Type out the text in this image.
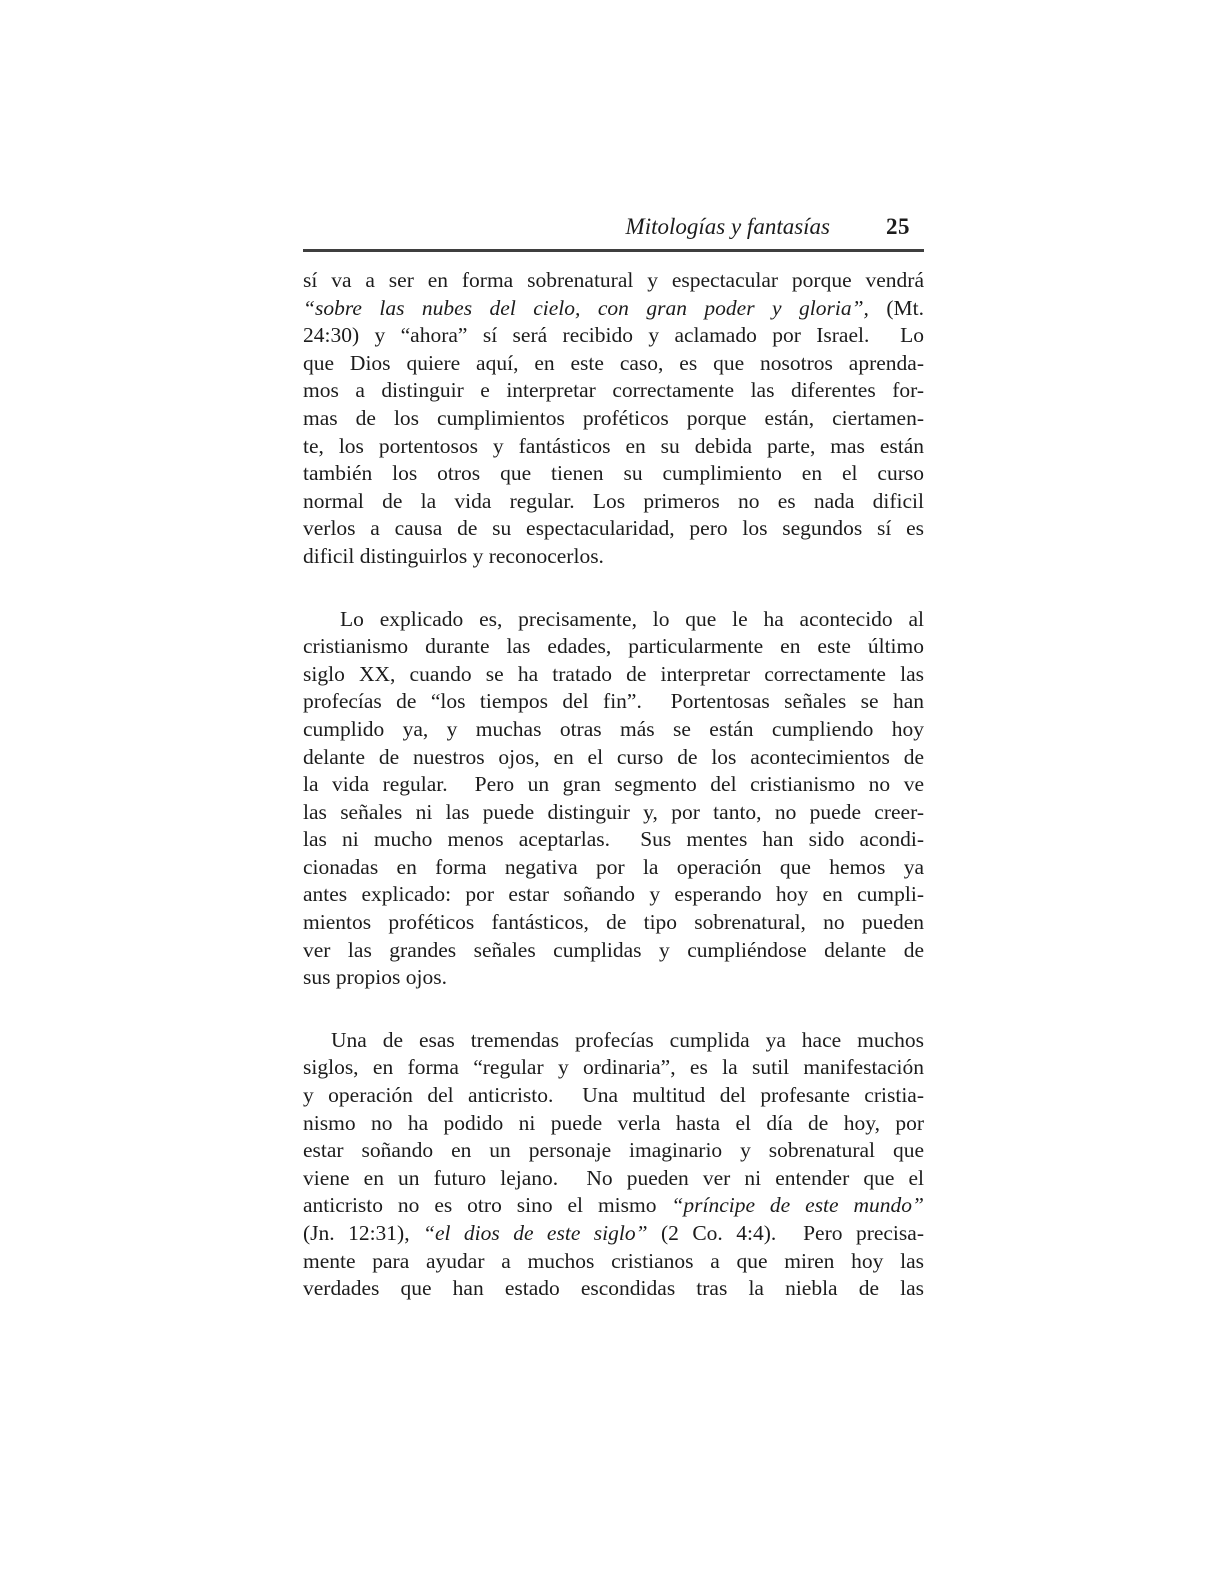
Mitologías y fantasías 25
sí va a ser en forma sobrenatural y espectacular porque vendrá
“sobre las nubes del cielo, con gran poder y gloria”, (Mt.
24:30) y “ahora” sí será recibido y aclamado por Israel.  Lo
que Dios quiere aquí, en este caso, es que nosotros aprenda-
mos a distinguir e interpretar correctamente las diferentes for-
mas de los cumplimientos proféticos porque están, ciertamen-
te, los portentosos y fantásticos en su debida parte, mas están
también los otros que tienen su cumplimiento en el curso
normal de la vida regular. Los primeros no es nada dificil
verlos a causa de su espectacularidad, pero los segundos sí es
dificil distinguirlos y reconocerlos.
Lo explicado es, precisamente, lo que le ha acontecido al
cristianismo durante las edades, particularmente en este último
siglo XX, cuando se ha tratado de interpretar correctamente las
profecías de “los tiempos del fin”.  Portentosas señales se han
cumplido ya, y muchas otras más se están cumpliendo hoy
delante de nuestros ojos, en el curso de los acontecimientos de
la vida regular.  Pero un gran segmento del cristianismo no ve
las señales ni las puede distinguir y, por tanto, no puede creer-
las ni mucho menos aceptarlas.  Sus mentes han sido acondi-
cionadas en forma negativa por la operación que hemos ya
antes explicado: por estar soñando y esperando hoy en cumpli-
mientos proféticos fantásticos, de tipo sobrenatural, no pueden
ver las grandes señales cumplidas y cumpliéndose delante de
sus propios ojos.
Una de esas tremendas profecías cumplida ya hace muchos
siglos, en forma “regular y ordinaria”, es la sutil manifestación
y operación del anticristo.  Una multitud del profesante cristia-
nismo no ha podido ni puede verla hasta el día de hoy, por
estar soñando en un personaje imaginario y sobrenatural que
viene en un futuro lejano.  No pueden ver ni entender que el
anticristo no es otro sino el mismo “príncipe de este mundo”
(Jn. 12:31), “el dios de este siglo” (2 Co. 4:4).  Pero precisa-
mente para ayudar a muchos cristianos a que miren hoy las
verdades que han estado escondidas tras la niebla de las
